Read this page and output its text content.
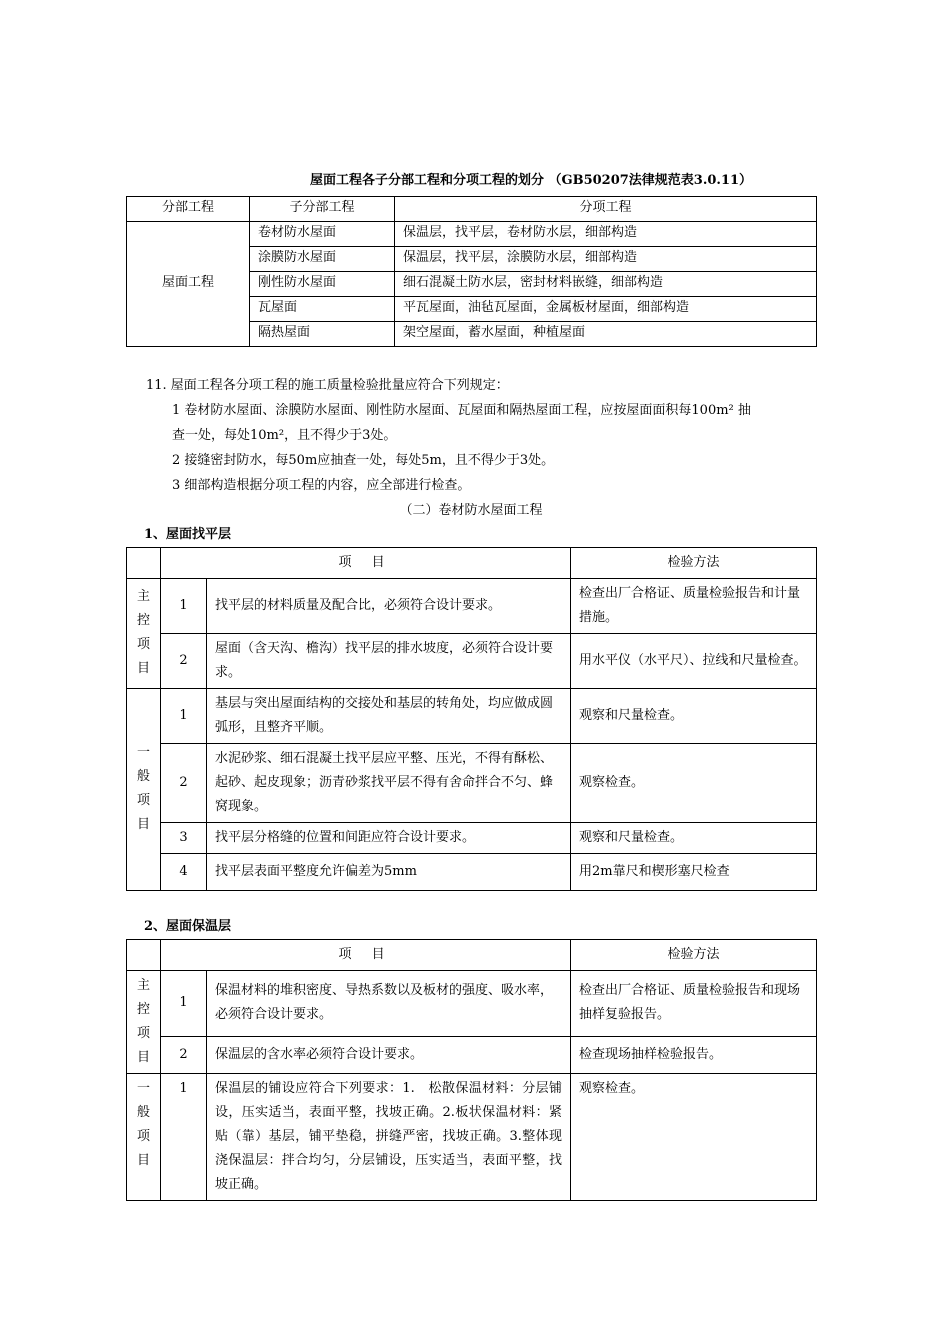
屋面工程各子分部工程和分项工程的划分 （GB50207法律规范表3.0.11）

分部工程	子分部工程	分项工程
屋面工程	卷材防水屋面	保温层，找平层，卷材防水层，细部构造
	涂膜防水屋面	保温层，找平层，涂膜防水层，细部构造
	刚性防水屋面	细石混凝土防水层，密封材料嵌缝，细部构造
	瓦屋面	平瓦屋面，油毡瓦屋面，金属板材屋面，细部构造
	隔热屋面	架空屋面，蓄水屋面，种植屋面
11. 屋面工程各分项工程的施工质量检验批量应符合下列规定：
1 卷材防水屋面、涂膜防水屋面、刚性防水屋面、瓦屋面和隔热屋面工程，应按屋面面积每100m² 抽
查一处，每处10m²，且不得少于3处。
2 接缝密封防水，每50m应抽查一处，每处5m，且不得少于3处。
3 细部构造根据分项工程的内容，应全部进行检查。

（二）卷材防水屋面工程

1、屋面找平层

	项 目		检验方法

主
控
项
目	1	找平层的材料质量及配合比，必须符合设计要求。	检查出厂合格证、质量检验报告和计量措施。
	2	屋面（含天沟、檐沟）找平层的排水坡度，必须符合设计要求。	用水平仪（水平尺）、拉线和尺量检查。

一
般
项
目	1	基层与突出屋面结构的交接处和基层的转角处，均应做成圆弧形，且整齐平顺。	观察和尺量检查。
	2	水泥砂浆、细石混凝土找平层应平整、压光，不得有酥松、起砂、起皮现象；沥青砂浆找平层不得有舍命拌合不匀、蜂窝现象。	观察检查。
	3	找平层分格缝的位置和间距应符合设计要求。	观察和尺量检查。
	4	找平层表面平整度允许偏差为5mm	用2m靠尺和楔形塞尺检查

2、屋面保温层

	项 目		检验方法

主
控
项
目	1	保温材料的堆积密度、导热系数以及板材的强度、吸水率，必须符合设计要求。	检查出厂合格证、质量检验报告和现场抽样复验报告。
	2	保温层的含水率必须符合设计要求。	检查现场抽样检验报告。

一
般
项
目	1	保温层的铺设应符合下列要求：1.　松散保温材料：分层铺设，压实适当，表面平整，找坡正确。2.板状保温材料：紧贴（靠）基层，铺平垫稳，拼缝严密，找坡正确。3.整体现浇保温层：拌合均匀，分层铺设，压实适当，表面平整，找坡正确。	观察检查。
